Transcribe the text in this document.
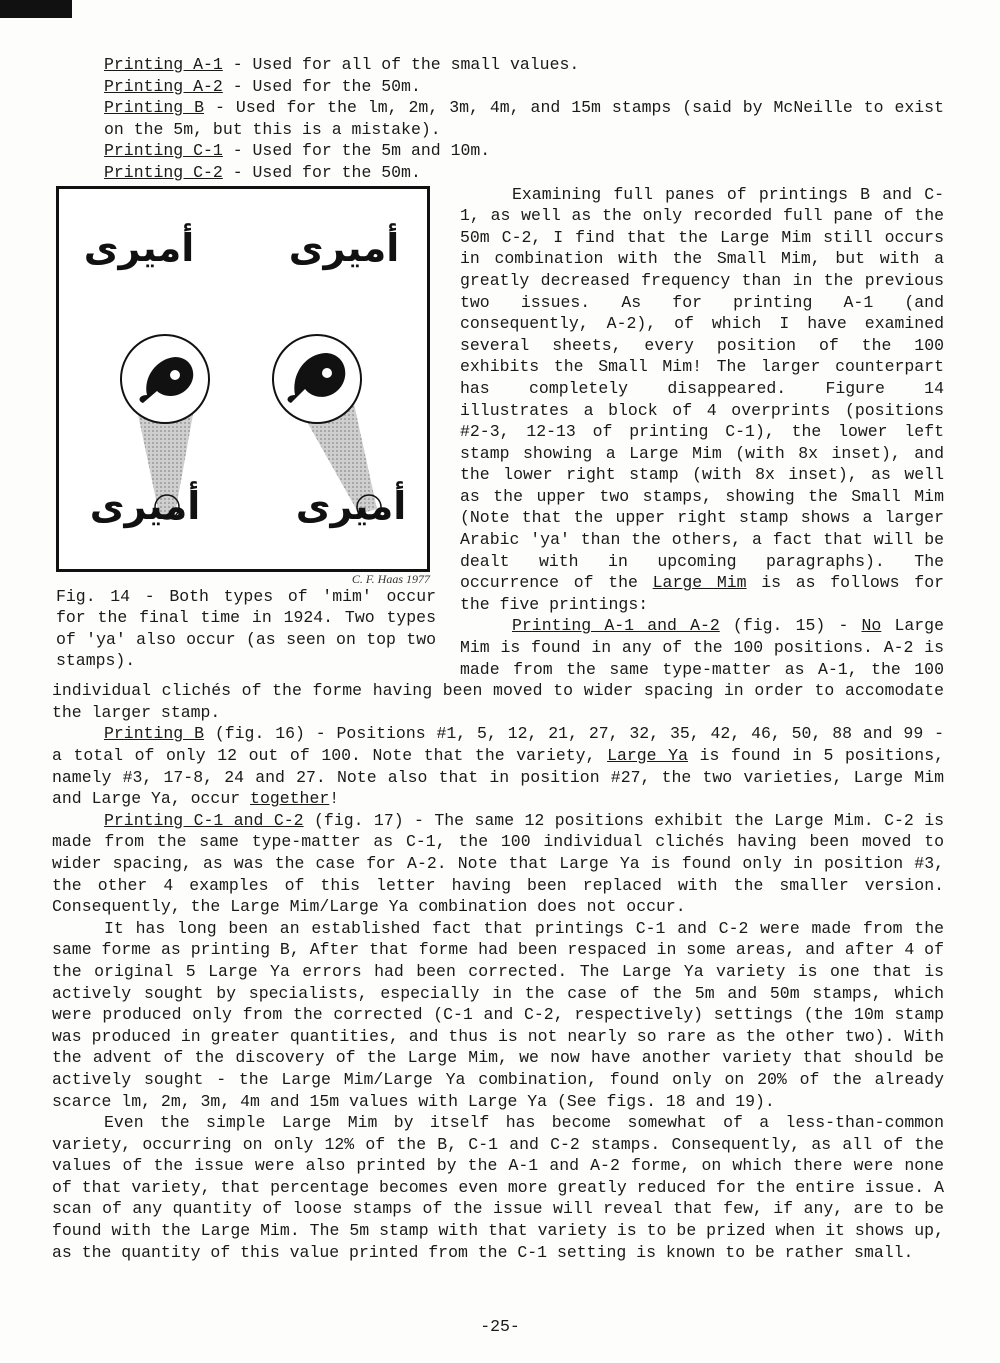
Printing A-1 - Used for all of the small values.

Printing A-2 - Used for the 50m.

Printing B - Used for the lm, 2m, 3m, 4m, and 15m stamps (said by McNeille to exist on the 5m, but this is a mistake).

Printing C-1 - Used for the 5m and 10m.

Printing C-2 - Used for the 50m.

أميرى أميرى
أميرى	أميرى
C. F. Haas 1977

Fig. 14 - Both types of 'mim' occur for the final time in 1924. Two types of 'ya' also occur (as seen on top two stamps).

Examining full panes of printings B and C-1, as well as the only recorded full pane of the 50m C-2, I find that the Large Mim still occurs in combination with the Small Mim, but with a greatly decreased frequency than in the previous two issues. As for printing A-1 (and consequently, A-2), of which I have examined several sheets, every position of the 100 exhibits the Small Mim! The larger counterpart has completely disappeared. Figure 14 illustrates a block of 4 overprints (positions #2-3, 12-13 of printing C-1), the lower left stamp showing a Large Mim (with 8x inset), and the lower right stamp (with 8x inset), as well as the upper two stamps, showing the Small Mim (Note that the upper right stamp shows a larger Arabic 'ya' than the others, a fact that will be dealt with in upcoming paragraphs). The occurrence of the Large Mim is as follows for the five printings:

Printing A-1 and A-2 (fig. 15) - No Large Mim is found in any of the 100 positions. A-2 is made from the same type-matter as A-1, the 100 individual clichés of the forme having been moved to wider spacing in order to accomodate the larger stamp.

Printing B (fig. 16) - Positions #1, 5, 12, 21, 27, 32, 35, 42, 46, 50, 88 and 99 - a total of only 12 out of 100. Note that the variety, Large Ya is found in 5 positions, namely #3, 17-8, 24 and 27. Note also that in position #27, the two varieties, Large Mim and Large Ya, occur together!

Printing C-1 and C-2 (fig. 17) - The same 12 positions exhibit the Large Mim. C-2 is made from the same type-matter as C-1, the 100 individual clichés having been moved to wider spacing, as was the case for A-2. Note that Large Ya is found only in position #3, the other 4 examples of this letter having been replaced with the smaller version. Consequently, the Large Mim/Large Ya combination does not occur.

It has long been an established fact that printings C-1 and C-2 were made from the same forme as printing B, After that forme had been respaced in some areas, and after 4 of the original 5 Large Ya errors had been corrected. The Large Ya variety is one that is actively sought by specialists, especially in the case of the 5m and 50m stamps, which were produced only from the corrected (C-1 and C-2, respectively) settings (the 10m stamp was produced in greater quantities, and thus is not nearly so rare as the other two). With the advent of the discovery of the Large Mim, we now have another variety that should be actively sought - the Large Mim/Large Ya combination, found only on 20% of the already scarce lm, 2m, 3m, 4m and 15m values with Large Ya (See figs. 18 and 19).

Even the simple Large Mim by itself has become somewhat of a less-than-common variety, occurring on only 12% of the B, C-1 and C-2 stamps. Consequently, as all of the values of the issue were also printed by the A-1 and A-2 forme, on which there were none of that variety, that percentage becomes even more greatly reduced for the entire issue. A scan of any quantity of loose stamps of the issue will reveal that few, if any, are to be found with the Large Mim. The 5m stamp with that variety is to be prized when it shows up, as the quantity of this value printed from the C-1 setting is known to be rather small.

-25-
